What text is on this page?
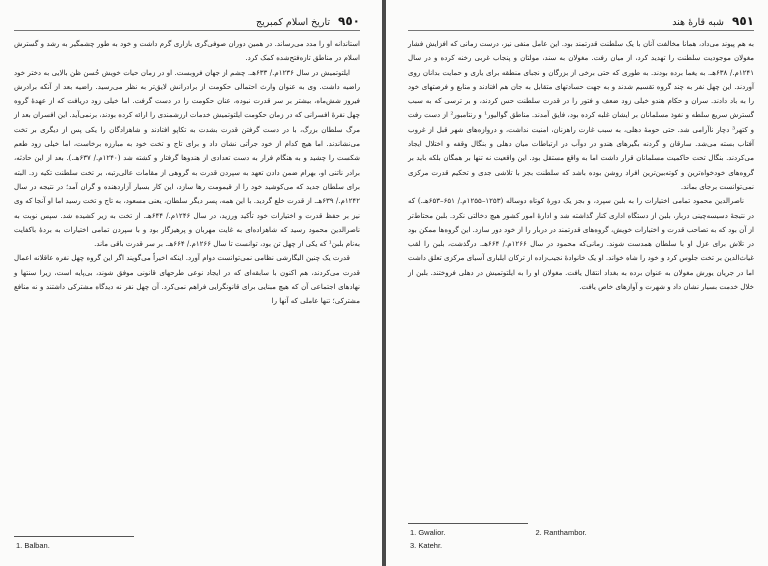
٩٥٠
تاریخ اسلام کمبریج

استاندانه او را مدد می‌رساند. در همین دوران صوفی‌گری بازاری گرم داشت و خود به طور چشمگیر به رشد و گسترش اسلام در مناطق تازه‌فتح‌شده کمک کرد.

ایلتوتمیش در سال ۱۲۳۶م./ ۶۳۳هـ. چشم از جهان فروبست. او در زمان حیات خویش حُسن ظن بالایی به دختر خود راضیه داشت. وی به عنوان وارث احتمالی حکومت از برادرانش لایق‌تر به نظر می‌رسید. راضیه بعد از آنکه برادرش فیروز شش‌ماه، بیشتر بر سر قدرت نبوده، عنان حکومت را در دست گرفت. اما خیلی زود دریافت که از عهدهٔ گروه چهل نفرهٔ افسرانی که در زمان حکومت ایلتوتمیش خدمات ارزشمندی را ارائه کرده بودند، برنمی‌آید. این افسران بعد از مرگ سلطان بزرگ، با در دست گرفتن قدرت بشدت به تکاپو افتادند و شاهزادگان را یکی پس از دیگری بر تخت می‌نشاندند. اما هیچ کدام از خود جرأتی نشان داد و برای تاج و تخت خود به مبارزه برخاست، اما خیلی زود طعم شکست را چشید و به هنگام فرار به دست تعدادی از هندوها گرفتار و کشته شد (۱۲۴۰م./ ۶۳۷هـ.). بعد از این حادثه، برادر ناتنی او، بهرام ضمن دادن تعهد به سپردن قدرت به گروهی از مقامات عالی‌رتبه، بر تخت سلطنت تکیه زد. البته برای سلطان جدید که می‌کوشید خود را از قیمومت رها سازد، این کار بسیار آزاردهنده و گران آمد؛ در نتیجه در سال ۱۲۴۲م./ ۶۳۹هـ. از قدرت خلع گردید. با این همه، پسر دیگر سلطان، یعنی مسعود، به تاج و تخت رسید اما او آنجا که وی نیز بر حفظ قدرت و اختیارات خود تأکید ورزید، در سال ۱۲۴۶م./ ۶۴۴هـ. از تخت به زیر کشیده شد. سپس نوبت به ناصرالدین محمود رسید که شاهزاده‌ای به غایت مهربان و پرهیزگار بود و با سپردن تمامی اختیارات به بردهٔ باکفایت به‌نام بلبن¹ که یکی از چهل تن بود، توانست تا سال ۱۲۶۶م./ ۶۶۴هـ. بر سر قدرت باقی ماند.

قدرت یک چنین الیگارشی نظامی نمی‌توانست دوام آورد. اینکه اخیراً می‌گویند اگر این گروه چهل نفره عاقلانه اعمال قدرت می‌کردند، هم اکنون با سابقه‌ای که در ایجاد نوعی طرحهای قانونی موفق شوند، بی‌پایه است، زیرا سنتها و نهادهای اجتماعی آن که هیچ مبنایی برای قانونگرایی فراهم نمی‌کرد. آن چهل نفر نه دیدگاه مشترکی داشتند و نه منافع مشترکی؛ تنها عاملی که آنها را

1. Balban.
٩٥١
شبه قارهٔ هند

به هم پیوند می‌داد، همانا مخالفت آنان با یک سلطنت قدرتمند بود. این عامل منفی نیز، درست زمانی که افزایش فشار مغولان موجودیت سلطنت را تهدید کرد، از میان رفت. مغولان به سند، مولتان و پنجاب غربی رخنه کرده و در سال ۱۲۴۱م./ ۶۳۸هـ. به یغما برده بودند. به طوری که حتی برخی از بزرگان و نجبای منطقه برای یاری و حمایت بدانان روی آوردند. این چهل نفر به چند گروه تقسیم شدند و به جهت حسادتهای متقابل به جان هم افتادند و منابع و فرصتهای خود را به باد دادند. سران و حکام هندو خیلی زود ضعف و فتور را در قدرت سلطنت حس کردند، و بر ترسی که به سبب گسترش سریع سلطه و نفوذ مسلمانان بر ایشان غلبه کرده بود، فایق آمدند. مناطق گوالیور¹ و رنتامبور² از دست رفت و کتهر³ دچار ناآرامی شد. حتی حومهٔ دهلی، به سبب غارت راهزنان، امنیت نداشت، و دروازه‌های شهر قبل از غروب آفتاب بسته می‌شد. سارقان و گردنه بگیرهای هندو در دوآب در ارتباطات میان دهلی و بنگال وقفه و اختلال ایجاد می‌کردند. بنگال تحت حاکمیت مسلمانان قرار داشت اما به واقع مستقل بود. این واقعیت نه تنها بر همگان بلکه باید بر گروه‌های خودخواه‌ترین و کوته‌بین‌ترین افراد روشن بوده باشد که سلطنت بجز با تلاشی جدی و تحکیم قدرت مرکزی نمی‌توانست برجای بماند.

ناصرالدین محمود تمامی اختیارات را به بلبن سپرد، و بجز یک دورهٔ کوتاه دوساله (۱۲۵۳–۱۲۵۵م./ ۶۵۱–۶۵۳هـ.) که در نتیجهٔ دسیسه‌چینی دربار، بلبن از دستگاه اداری کنار گذاشته شد و ادارهٔ امور کشور هیچ دخالتی نکرد. بلبن محتاط‌تر از آن بود که به تصاحب قدرت و اختیارات خویش، گروه‌های قدرتمند در دربار را از خود دور سازد. این گروه‌ها ممکن بود در تلاش برای عزل او با سلطان همدست شوند. زمانی‌که محمود در سال ۱۲۶۶م./ ۶۶۴هـ. درگذشت، بلبن را لقب غیاث‌الدین بر تخت جلوس کرد و خود را شاه خواند. او یک خانوادهٔ نجیب‌زاده از ترکان ایلباری آسیای مرکزی تعلق داشت اما در جریان یورش مغولان به عنوان برده به بغداد انتقال یافت. مغولان او را به ایلتوتمیش در دهلی فروختند. بلبن از خلال خدمت بسیار نشان داد و شهرت و آوازهای خاص یافت.

1. Gwalior.	2. Ranthambor.
3. Katehr.
